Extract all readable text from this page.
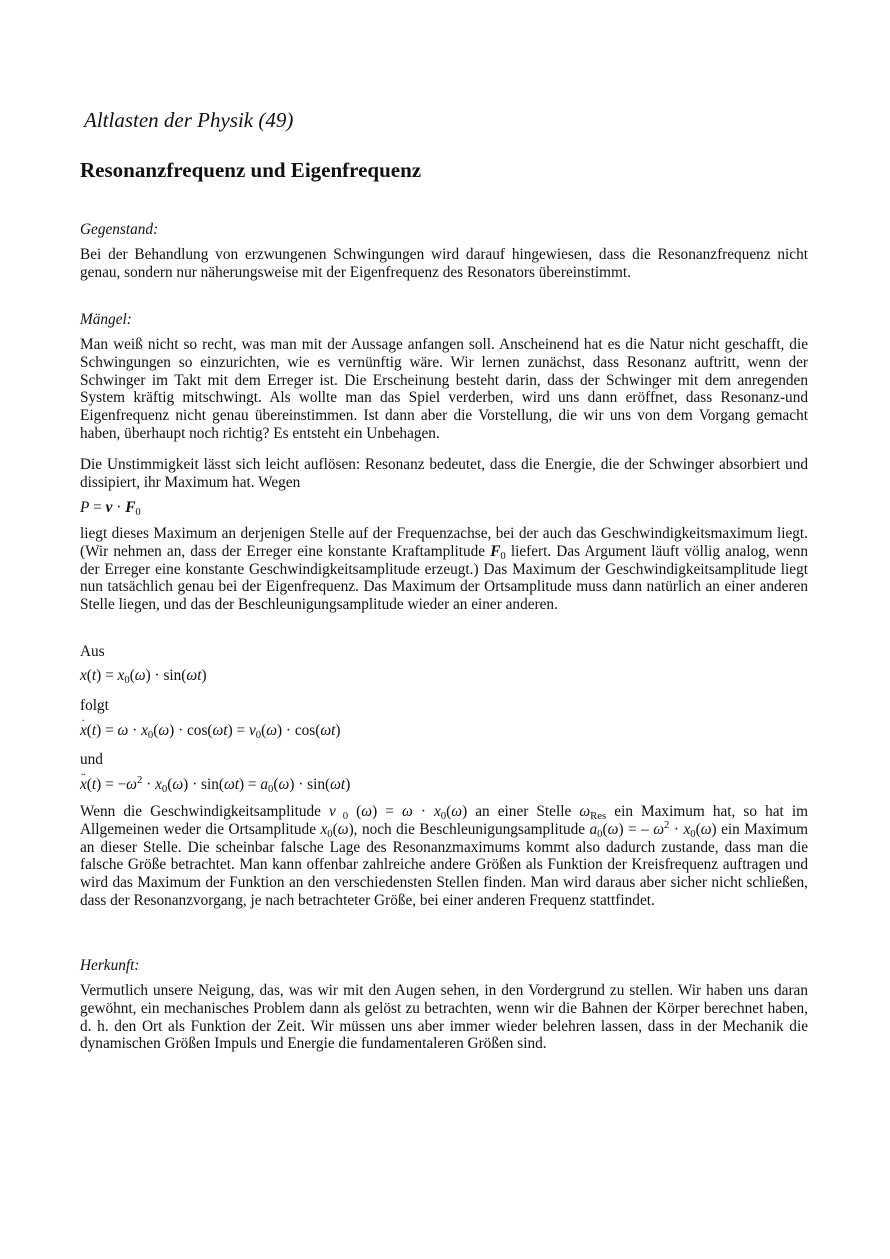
Altlasten der Physik (49)
Resonanzfrequenz und Eigenfrequenz
Gegenstand:

Bei der Behandlung von erzwungenen Schwingungen wird darauf hingewiesen, dass die Resonanzfrequenz nicht genau, sondern nur näherungsweise mit der Eigenfrequenz des Resonators übereinstimmt.

Mängel:

Man weiß nicht so recht, was man mit der Aussage anfangen soll. Anscheinend hat es die Natur nicht geschafft, die Schwingungen so einzurichten, wie es vernünftig wäre. Wir lernen zunächst, dass Resonanz auftritt, wenn der Schwinger im Takt mit dem Erreger ist. Die Erscheinung besteht darin, dass der Schwinger mit dem anregenden System kräftig mitschwingt. Als wollte man das Spiel verderben, wird uns dann eröffnet, dass Resonanz-und Eigenfrequenz nicht genau übereinstimmen. Ist dann aber die Vorstellung, die wir uns von dem Vorgang gemacht haben, überhaupt noch richtig? Es entsteht ein Unbehagen.

Die Unstimmigkeit lässt sich leicht auflösen: Resonanz bedeutet, dass die Energie, die der Schwinger absorbiert und dissipiert, ihr Maximum hat. Wegen

$P = v \cdot F_0$

liegt dieses Maximum an derjenigen Stelle auf der Frequenzachse, bei der auch das Geschwindigkeitsmaximum liegt. (Wir nehmen an, dass der Erreger eine konstante Kraftamplitude $F_0$ liefert. Das Argument läuft völlig analog, wenn der Erreger eine konstante Geschwindigkeitsamplitude erzeugt.) Das Maximum der Geschwindigkeitsamplitude liegt nun tatsächlich genau bei der Eigenfrequenz. Das Maximum der Ortsamplitude muss dann natürlich an einer anderen Stelle liegen, und das der Beschleunigungsamplitude wieder an einer anderen.

Aus
$x(t) = x_0(\omega) \cdot \sin(\omega t)$
folgt
˙ $x(t) = \omega \cdot x_0(\omega) \cdot \cos(\omega t) = v_0(\omega) \cdot \cos(\omega t)$
und
¨ $x(t) = -\omega^2 \cdot x_0(\omega) \cdot \sin(\omega t) = a_0(\omega) \cdot \sin(\omega t)$

Wenn die Geschwindigkeitsamplitude v $_0$ $(\omega) = \omega \cdot x_0(\omega)$ an einer Stelle $\omega_{Res}$ ein Maximum hat, so hat im Allgemeinen weder die Ortsamplitude $x_0(\omega)$, noch die Beschleunigungsamplitude $a_0(\omega)$ = – $\omega^2 \cdot x_0(\omega)$ ein Maximum an dieser Stelle. Die scheinbar falsche Lage des Resonanzmaximums kommt also dadurch zustande, dass man die falsche Größe betrachtet. Man kann offenbar zahlreiche andere Größen als Funktion der Kreisfrequenz auftragen und wird das Maximum der Funktion an den verschiedensten Stellen finden. Man wird daraus aber sicher nicht schließen, dass der Resonanzvorgang, je nach betrachteter Größe, bei einer anderen Frequenz stattfindet.

Herkunft:

Vermutlich unsere Neigung, das, was wir mit den Augen sehen, in den Vordergrund zu stellen. Wir haben uns daran gewöhnt, ein mechanisches Problem dann als gelöst zu betrachten, wenn wir die Bahnen der Körper berechnet haben, d. h. den Ort als Funktion der Zeit. Wir müssen uns aber immer wieder belehren lassen, dass in der Mechanik die dynamischen Größen Impuls und Energie die fundamentaleren Größen sind.
